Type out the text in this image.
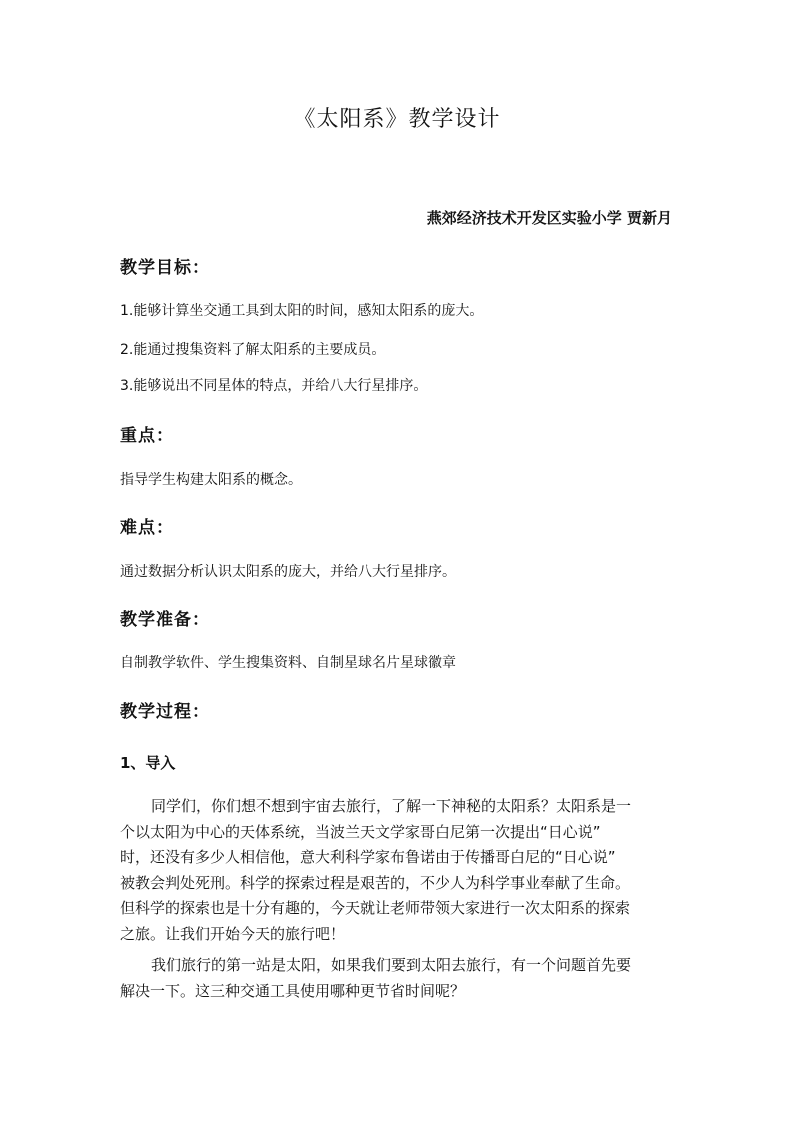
《太阳系》教学设计
燕郊经济技术开发区实验小学 贾新月
教学目标：
1.能够计算坐交通工具到太阳的时间，感知太阳系的庞大。
2.能通过搜集资料了解太阳系的主要成员。
3.能够说出不同星体的特点，并给八大行星排序。
重点：
指导学生构建太阳系的概念。
难点：
通过数据分析认识太阳系的庞大，并给八大行星排序。
教学准备：
自制教学软件、学生搜集资料、自制星球名片星球徽章
教学过程：
1、导入
同学们，你们想不想到宇宙去旅行，了解一下神秘的太阳系？太阳系是一
个以太阳为中心的天体系统，当波兰天文学家哥白尼第一次提出“日心说”
时，还没有多少人相信他，意大利科学家布鲁诺由于传播哥白尼的“日心说”
被教会判处死刑。科学的探索过程是艰苦的，不少人为科学事业奉献了生命。
但科学的探索也是十分有趣的，今天就让老师带领大家进行一次太阳系的探索
之旅。让我们开始今天的旅行吧！
我们旅行的第一站是太阳，如果我们要到太阳去旅行，有一个问题首先要
解决一下。这三种交通工具使用哪种更节省时间呢？
